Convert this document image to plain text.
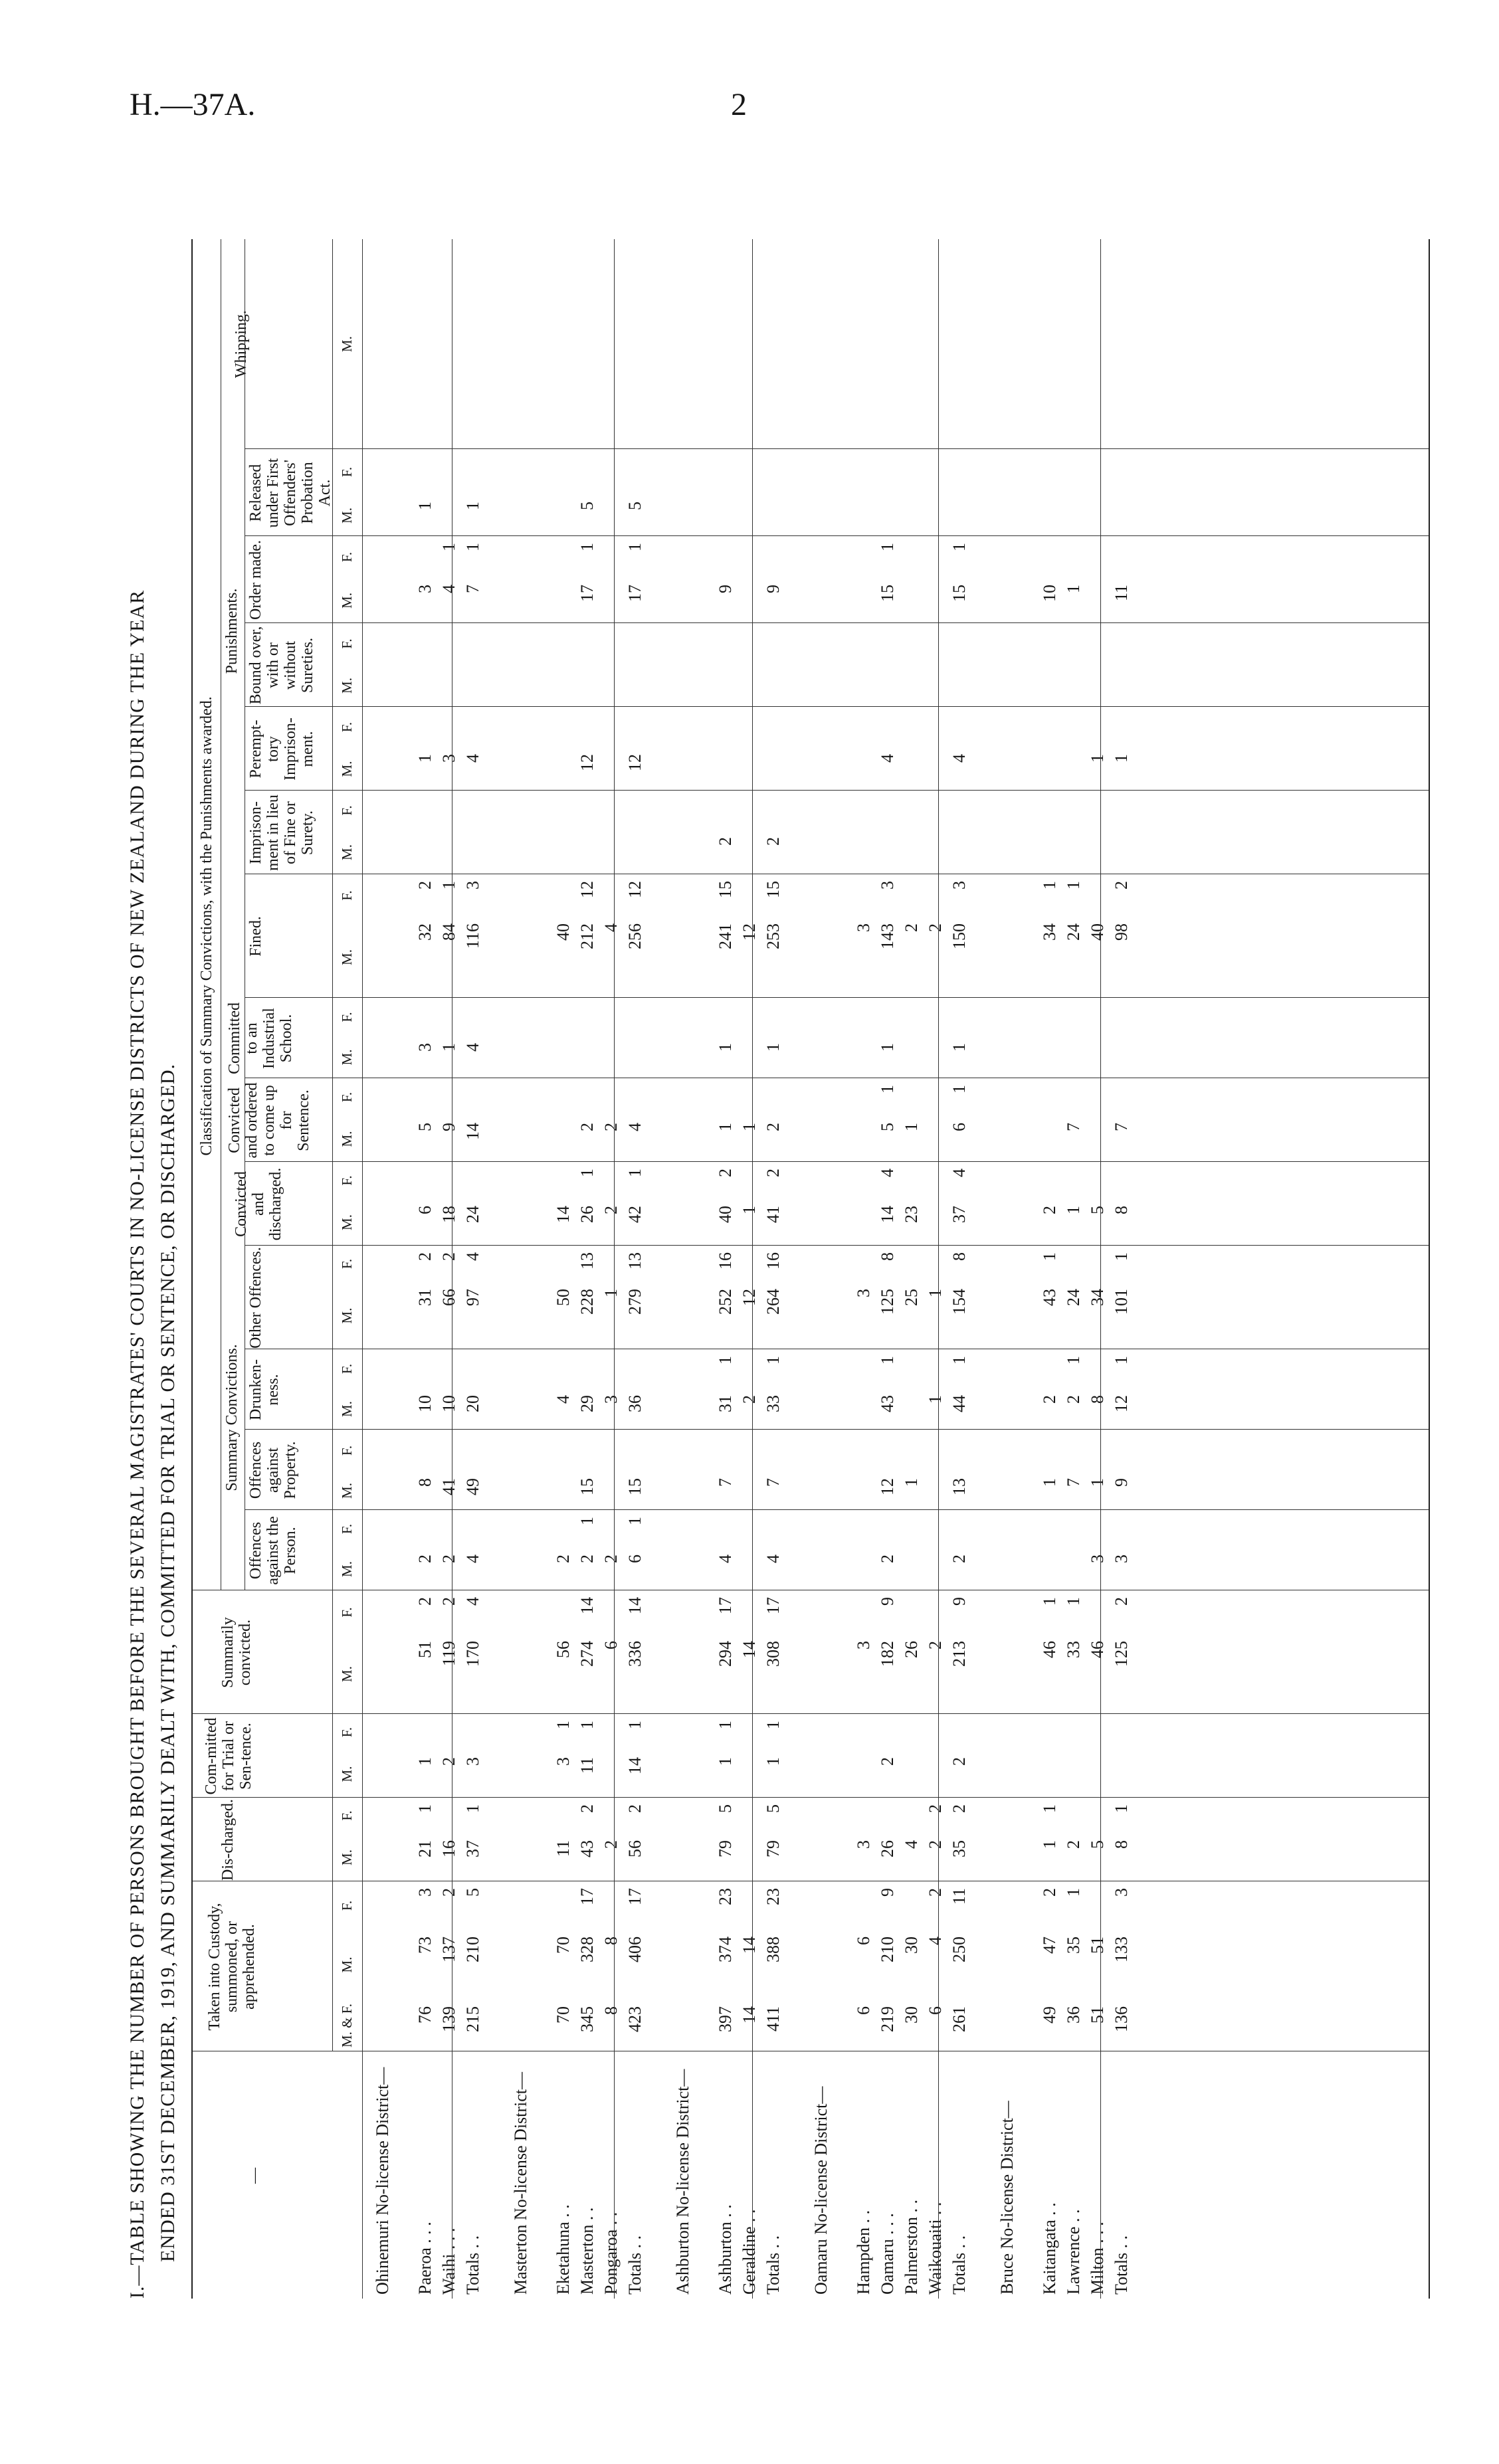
H.—37A.	2
I.—TABLE SHOWING THE NUMBER OF PERSONS BROUGHT BEFORE THE SEVERAL MAGISTRATES' COURTS IN NO-LICENSE DISTRICTS OF NEW ZEALAND DURING THE YEAR ENDED 31ST DECEMBER, 1919, AND SUMMARILY DEALT WITH, COMMITTED FOR TRIAL OR SENTENCE, OR DISCHARGED.	—
Taken into Custody, summoned, or apprehended.
Dis-charged.
Com-mitted for Trial or Sen-tence.
Summarily convicted.
Classification of Summary Convictions, with the Punishments awarded.
Summary Convictions.
Punishments.
Offences against the Person.
Offences against Property.
Drunken-ness.
Other Offences.
Convicted and discharged.
Convicted and ordered to come up for Sentence.
Committed to an Industrial School.
Fined.
Imprison-ment in lieu of Fine or Surety.
Perempt-tory Imprison-ment.
Bound over, with or without Sureties.
Order made.
Released under First Offenders' Probation Act.
Whipping.
M. & F.
M.
F.
M.
F.
M.
F.
M.
F.
M.
F.
M.
F.
M.
F.
M.
F.
M.
F.
M.
F.
M.
F.
M.
F.
M.
F.
M.
F.
M.
F.
M.
F.
M.
F.
M.
Ohinemuri No-license District— Paeroa . . .
76
73
3
21
1
1
51
2
2
8
10
31
2
6
5
3
32
2
1
3
1
Waihi . . .
139
137
2
16
2
119
2
2
41
10
66
2
18
9
1
84
1
3
4
1
Totals . .
215
210
5
37
1
3
170
4
4
49
20
97
4
24
14
4
116
3
4
7
1
1
Masterton No-license District— Eketahuna . .
70
70
11
3
1
56
2
4
50
14
40
Masterton . .
345
328
17
43
2
11
1
274
14
2
1
15
29
228
13
26
1
2
212
12
12
17
1
5
Pongaroa . .
8
8
2
6
2
3
1
2
2
4
Totals . .
423
406
17
56
2
14
1
336
14
6
1
15
36
279
13
42
1
4
256
12
12
17
1
5
Ashburton No-license District— Ashburton . .
397
374
23
79
5
1
1
294
17
4
7
31
1
252
16
40
2
1
1
241
15
2
9
Geraldine . .
14
14
14
2
12
1
1
12
Totals . .
411
388
23
79
5
1
1
308
17
4
7
33
1
264
16
41
2
2
1
253
15
2
9
Oamaru No-license District— Hampden . .
6
6
3
3
3
3
Oamaru . . .
219
210
9
26
2
182
9
2
12
43
1
125
8
14
4
5
1
1
143
3
4
15
1
Palmerston . .
30
30
4
26
1
25
23
1
2
Waikouaiti . .
6
4
2
2
2
2
1
1
2
Totals . .
261
250
11
35
2
2
213
9
2
13
44
1
154
8
37
4
6
1
1
150
3
4
15
1
Bruce No-license District— Kaitangata . .
49
47
2
1
1
46
1
1
2
43
1
2
34
1
10
Lawrence . .
36
35
1
2
33
1
7
2
1
24
1
7
24
1
1
Milton . . .
51
51
5
46
3
1
8
34
5
40
1
Totals . .
136
133
3
8
1
125
2
3
9
12
1
101
1
8
7
98
2
1
11
